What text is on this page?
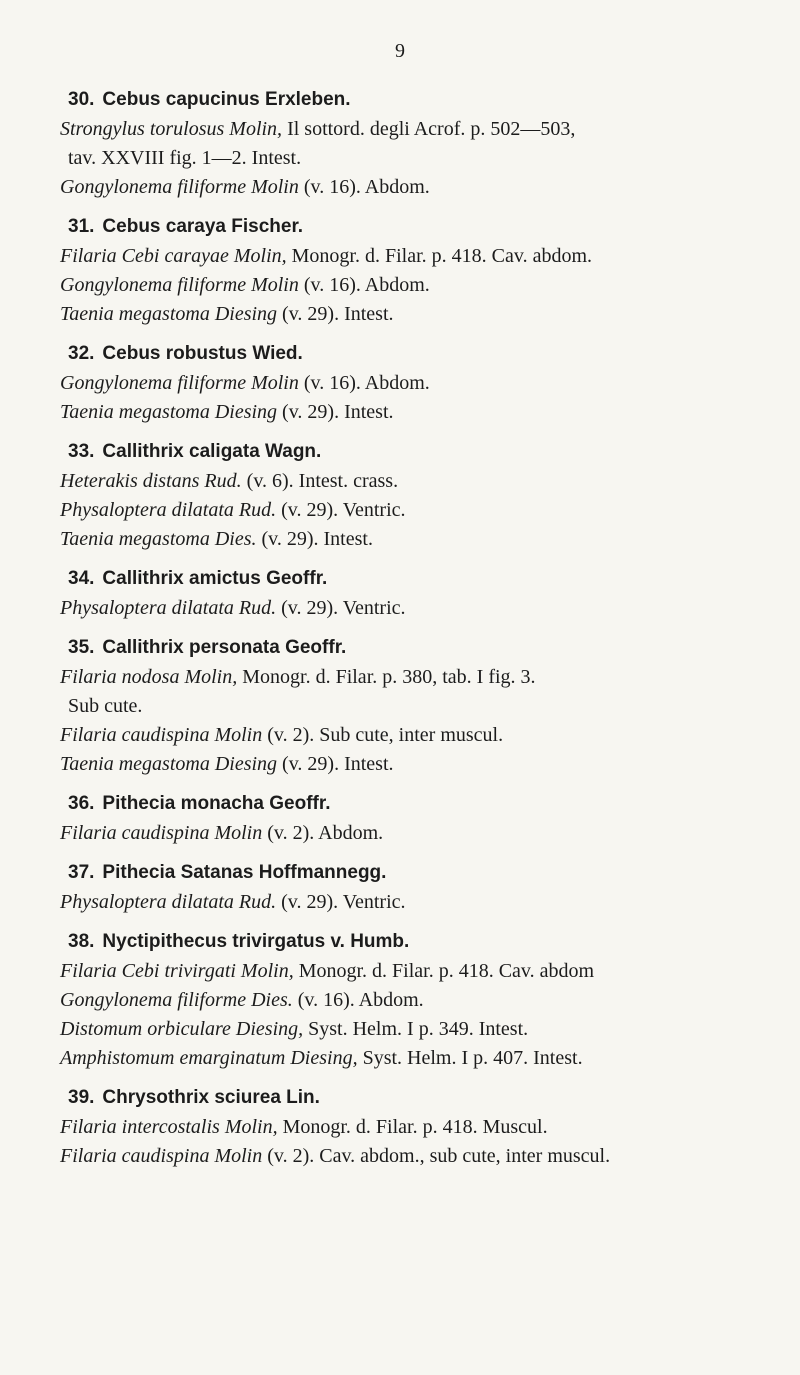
9
30. Cebus capucinus Erxleben.
Strongylus torulosus Molin, Il sottord. degli Acrof. p. 502—503,
tav. XXVIII fig. 1—2. Intest.
Gongylonema filiforme Molin (v. 16). Abdom.
31. Cebus caraya Fischer.
Filaria Cebi carayae Molin, Monogr. d. Filar. p. 418. Cav. abdom.
Gongylonema filiforme Molin (v. 16). Abdom.
Taenia megastoma Diesing (v. 29). Intest.
32. Cebus robustus Wied.
Gongylonema filiforme Molin (v. 16). Abdom.
Taenia megastoma Diesing (v. 29). Intest.
33. Callithrix caligata Wagn.
Heterakis distans Rud. (v. 6). Intest. crass.
Physaloptera dilatata Rud. (v. 29). Ventric.
Taenia megastoma Dies. (v. 29). Intest.
34. Callithrix amictus Geoffr.
Physaloptera dilatata Rud. (v. 29). Ventric.
35. Callithrix personata Geoffr.
Filaria nodosa Molin, Monogr. d. Filar. p. 380, tab. I fig. 3.
Sub cute.
Filaria caudispina Molin (v. 2). Sub cute, inter muscul.
Taenia megastoma Diesing (v. 29). Intest.
36. Pithecia monacha Geoffr.
Filaria caudispina Molin (v. 2). Abdom.
37. Pithecia Satanas Hoffmannegg.
Physaloptera dilatata Rud. (v. 29). Ventric.
38. Nyctipithecus trivirgatus v. Humb.
Filaria Cebi trivirgati Molin, Monogr. d. Filar. p. 418. Cav. abdom
Gongylonema filiforme Dies. (v. 16). Abdom.
Distomum orbiculare Diesing, Syst. Helm. I p. 349. Intest.
Amphistomum emarginatum Diesing, Syst. Helm. I p. 407. Intest.
39. Chrysothrix sciurea Lin.
Filaria intercostalis Molin, Monogr. d. Filar. p. 418. Muscul.
Filaria caudispina Molin (v. 2). Cav. abdom., sub cute, inter muscul.
